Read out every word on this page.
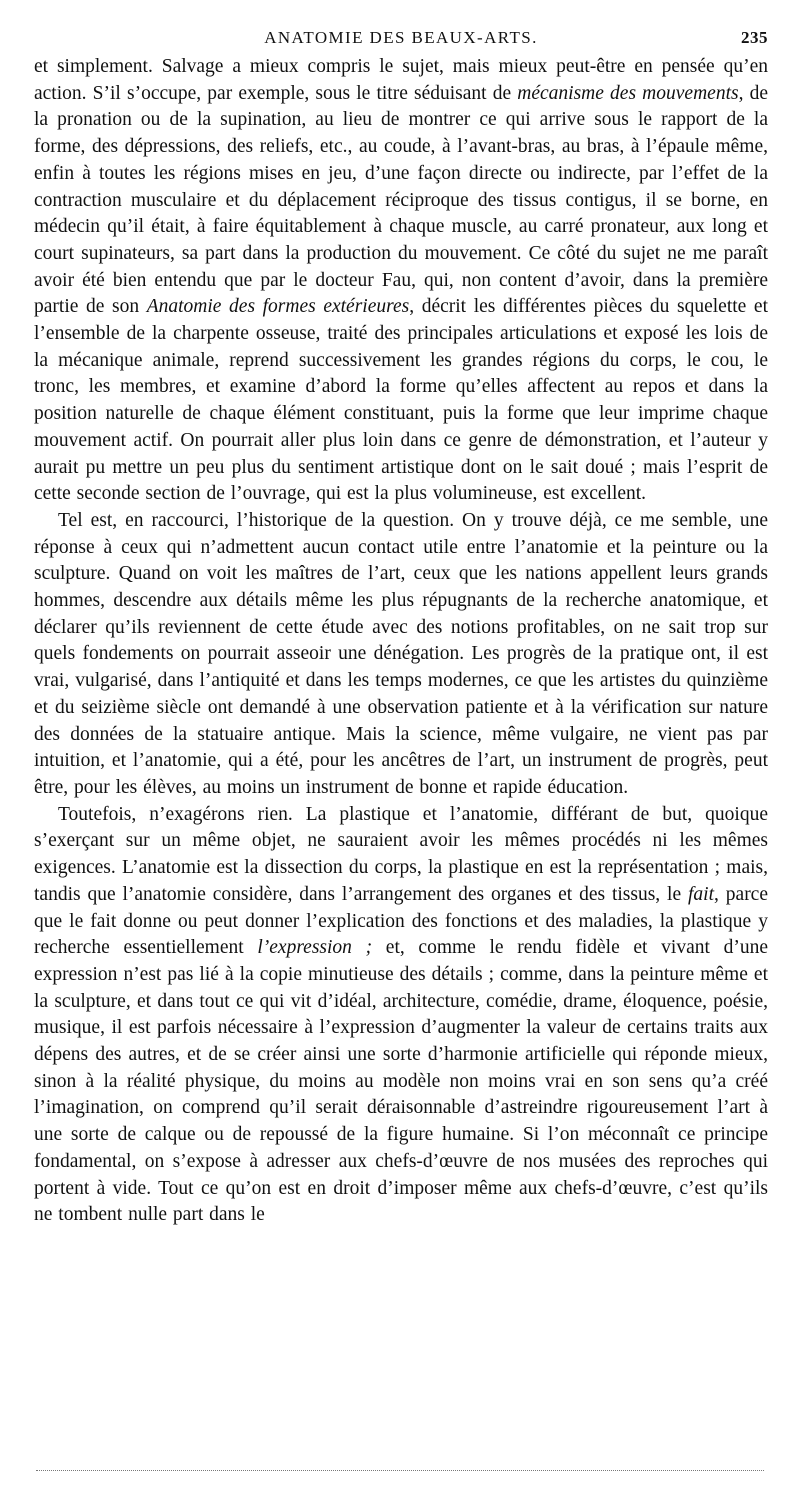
ANATOMIE DES BEAUX-ARTS.	235

et simplement. Salvage a mieux compris le sujet, mais mieux peut-être en pensée qu’en action. S’il s’occupe, par exemple, sous le titre séduisant de mécanisme des mouvements, de la pronation ou de la supination, au lieu de montrer ce qui arrive sous le rapport de la forme, des dépressions, des reliefs, etc., au coude, à l’avant-bras, au bras, à l’épaule même, enfin à toutes les régions mises en jeu, d’une façon directe ou indirecte, par l’effet de la contraction musculaire et du déplacement réciproque des tissus contigus, il se borne, en médecin qu’il était, à faire équitablement à chaque muscle, au carré pronateur, aux long et court supinateurs, sa part dans la production du mouvement. Ce côté du sujet ne me paraît avoir été bien entendu que par le docteur Fau, qui, non content d’avoir, dans la première partie de son Anatomie des formes extérieures, décrit les différentes pièces du squelette et l’ensemble de la charpente osseuse, traité des principales articulations et exposé les lois de la mécanique animale, reprend successivement les grandes régions du corps, le cou, le tronc, les membres, et examine d’abord la forme qu’elles affectent au repos et dans la position naturelle de chaque élément constituant, puis la forme que leur imprime chaque mouvement actif. On pourrait aller plus loin dans ce genre de démonstration, et l’auteur y aurait pu mettre un peu plus du sentiment artistique dont on le sait doué ; mais l’esprit de cette seconde section de l’ouvrage, qui est la plus volumineuse, est excellent.

Tel est, en raccourci, l’historique de la question. On y trouve déjà, ce me semble, une réponse à ceux qui n’admettent aucun contact utile entre l’anatomie et la peinture ou la sculpture. Quand on voit les maîtres de l’art, ceux que les nations appellent leurs grands hommes, descendre aux détails même les plus répugnants de la recherche anatomique, et déclarer qu’ils reviennent de cette étude avec des notions profitables, on ne sait trop sur quels fondements on pourrait asseoir une dénégation. Les progrès de la pratique ont, il est vrai, vulgarisé, dans l’antiquité et dans les temps modernes, ce que les artistes du quinzième et du seizième siècle ont demandé à une observation patiente et à la vérification sur nature des données de la statuaire antique. Mais la science, même vulgaire, ne vient pas par intuition, et l’anatomie, qui a été, pour les ancêtres de l’art, un instrument de progrès, peut être, pour les élèves, au moins un instrument de bonne et rapide éducation.

Toutefois, n’exagérons rien. La plastique et l’anatomie, différant de but, quoique s’exerçant sur un même objet, ne sauraient avoir les mêmes procédés ni les mêmes exigences. L’anatomie est la dissection du corps, la plastique en est la représentation ; mais, tandis que l’anatomie considère, dans l’arrangement des organes et des tissus, le fait, parce que le fait donne ou peut donner l’explication des fonctions et des maladies, la plastique y recherche essentiellement l’expression ; et, comme le rendu fidèle et vivant d’une expression n’est pas lié à la copie minutieuse des détails ; comme, dans la peinture même et la sculpture, et dans tout ce qui vit d’idéal, architecture, comédie, drame, éloquence, poésie, musique, il est parfois nécessaire à l’expression d’augmenter la valeur de certains traits aux dépens des autres, et de se créer ainsi une sorte d’harmonie artificielle qui réponde mieux, sinon à la réalité physique, du moins au modèle non moins vrai en son sens qu’a créé l’imagination, on comprend qu’il serait déraisonnable d’astreindre rigoureusement l’art à une sorte de calque ou de repoussé de la figure humaine. Si l’on méconnaît ce principe fondamental, on s’expose à adresser aux chefs-d’œuvre de nos musées des reproches qui portent à vide. Tout ce qu’on est en droit d’imposer même aux chefs-d’œuvre, c’est qu’ils ne tombent nulle part dans le
